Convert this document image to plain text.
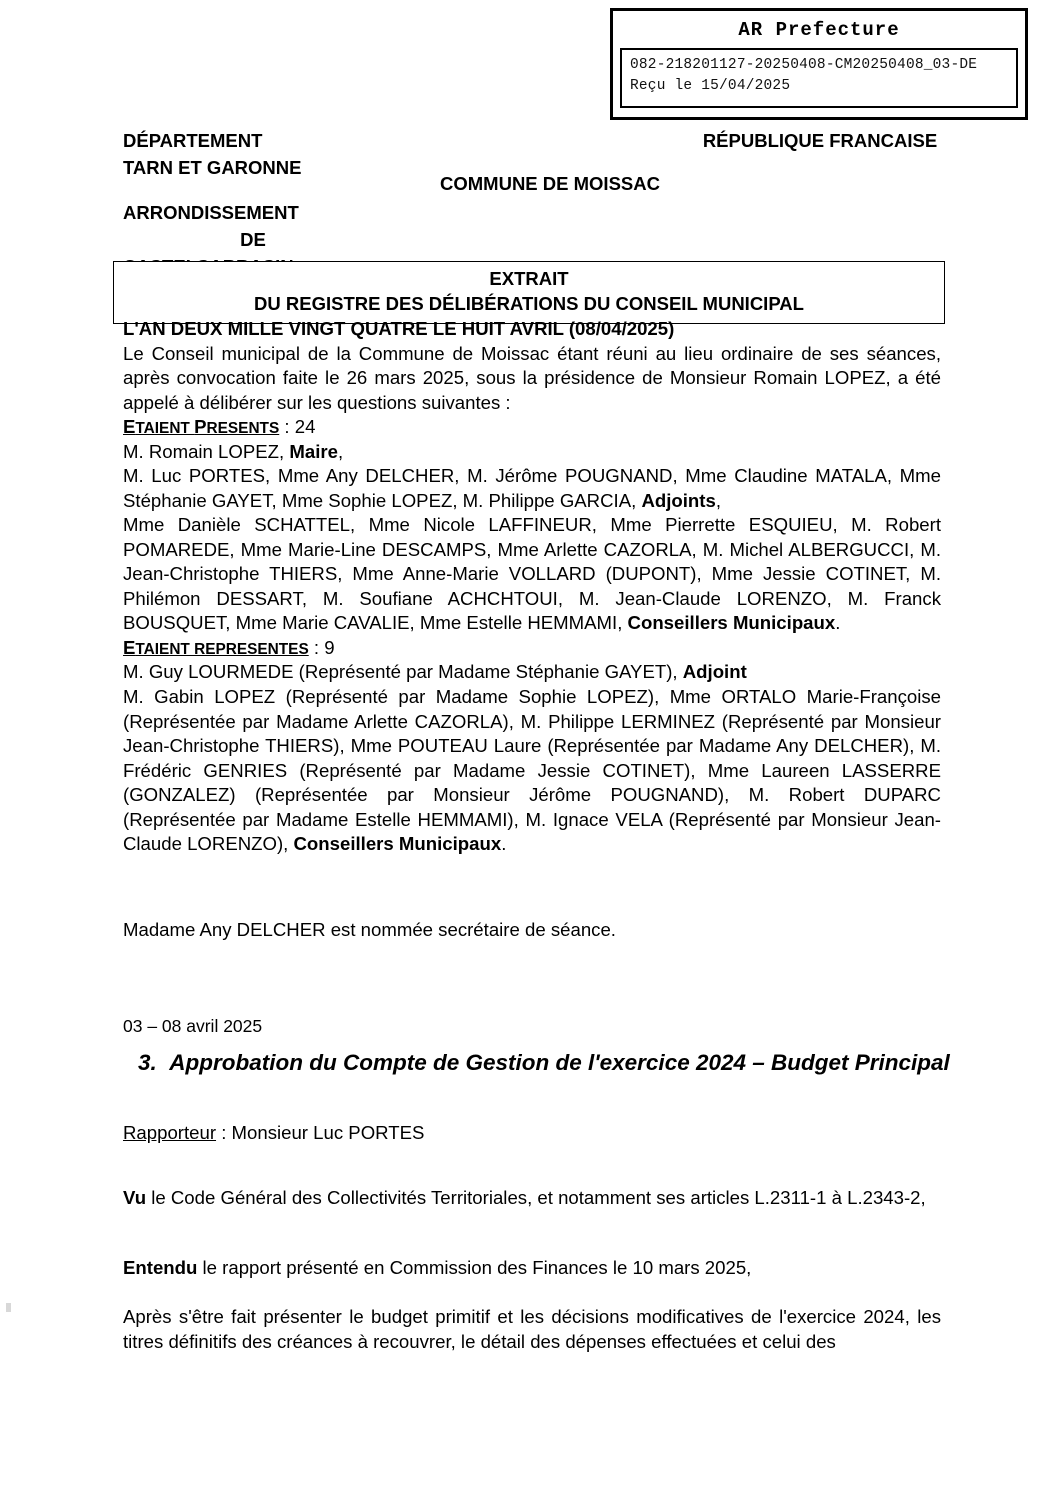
AR Prefecture
082-218201127-20250408-CM20250408_03-DE
Reçu le 15/04/2025
DÉPARTEMENT
TARN ET GARONNE
ARRONDISSEMENT
DE
RÉPUBLIQUE FRANCAISE
COMMUNE DE MOISSAC
EXTRAIT
DU REGISTRE DES DÉLIBÉRATIONS DU CONSEIL MUNICIPAL

L'AN DEUX MILLE VINGT QUATRE LE HUIT AVRIL (08/04/2025)

Le Conseil municipal de la Commune de Moissac étant réuni au lieu ordinaire de ses séances, après convocation faite le 26 mars 2025, sous la présidence de Monsieur Romain LOPEZ, a été appelé à délibérer sur les questions suivantes :

ETAIENT PRESENTS : 24

M. Romain LOPEZ, Maire,

M. Luc PORTES, Mme Any DELCHER, M. Jérôme POUGNAND, Mme Claudine MATALA, Mme Stéphanie GAYET, Mme Sophie LOPEZ, M. Philippe GARCIA, Adjoints,

Mme Danièle SCHATTEL, Mme Nicole LAFFINEUR, Mme Pierrette ESQUIEU, M. Robert POMAREDE, Mme Marie-Line DESCAMPS, Mme Arlette CAZORLA, M. Michel ALBERGUCCI, M. Jean-Christophe THIERS, Mme Anne-Marie VOLLARD (DUPONT), Mme Jessie COTINET, M. Philémon DESSART, M. Soufiane ACHCHTOUI, M. Jean-Claude LORENZO, M. Franck BOUSQUET, Mme Marie CAVALIE, Mme Estelle HEMMAMI, Conseillers Municipaux.

ETAIENT REPRESENTES : 9

M. Guy LOURMEDE (Représenté par Madame Stéphanie GAYET), Adjoint

M. Gabin LOPEZ (Représenté par Madame Sophie LOPEZ), Mme ORTALO Marie-Françoise (Représentée par Madame Arlette CAZORLA), M. Philippe LERMINEZ (Représenté par Monsieur Jean-Christophe THIERS), Mme POUTEAU Laure (Représentée par Madame Any DELCHER), M. Frédéric GENRIES (Représenté par Madame Jessie COTINET), Mme Laureen LASSERRE (GONZALEZ) (Représentée par Monsieur Jérôme POUGNAND), M. Robert DUPARC (Représentée par Madame Estelle HEMMAMI), M. Ignace VELA (Représenté par Monsieur Jean-Claude LORENZO), Conseillers Municipaux.

Madame Any DELCHER est nommée secrétaire de séance.

03 – 08 avril 2025
3. Approbation du Compte de Gestion de l'exercice 2024 – Budget Principal
Rapporteur : Monsieur Luc PORTES
Vu le Code Général des Collectivités Territoriales, et notamment ses articles L.2311-1 à L.2343-2,
Entendu le rapport présenté en Commission des Finances le 10 mars 2025,
Après s'être fait présenter le budget primitif et les décisions modificatives de l'exercice 2024, les titres définitifs des créances à recouvrer, le détail des dépenses effectuées et celui des
